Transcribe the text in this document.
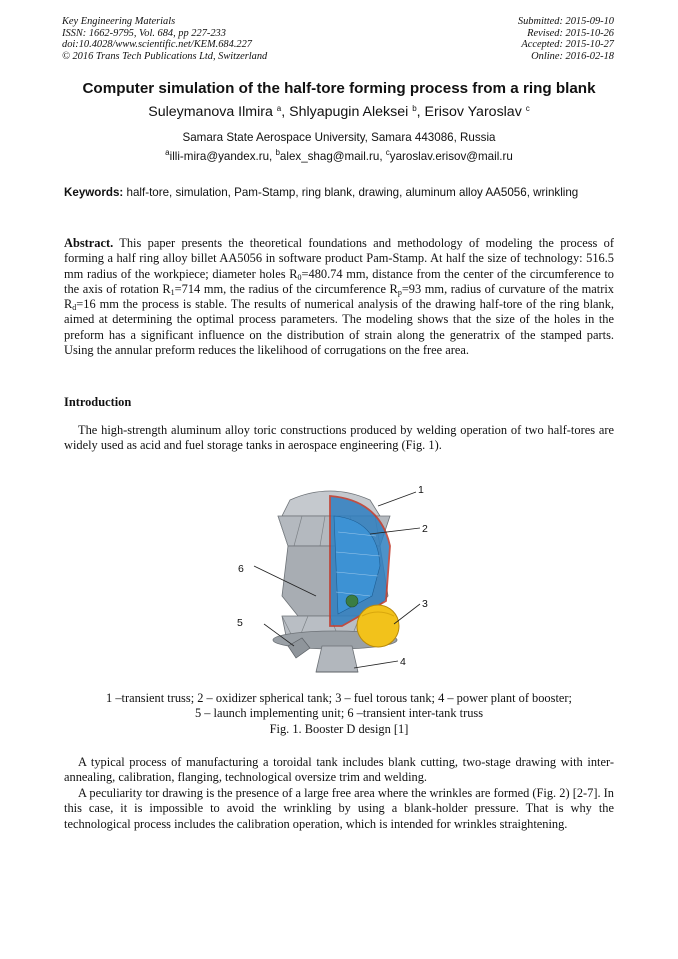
Key Engineering Materials
ISSN: 1662-9795, Vol. 684, pp 227-233
doi:10.4028/www.scientific.net/KEM.684.227
© 2016 Trans Tech Publications Ltd, Switzerland
Submitted: 2015-09-10
Revised: 2015-10-26
Accepted: 2015-10-27
Online: 2016-02-18
Computer simulation of the half-tore forming process from a ring blank
Suleymanova Ilmira $^a$, Shlyapugin Aleksei $^b$, Erisov Yaroslav $^c$
Samara State Aerospace University, Samara 443086, Russia
$^a$illi-mira@yandex.ru, $^b$alex_shag@mail.ru, $^c$yaroslav.erisov@mail.ru
Keywords: half-tore, simulation, Pam-Stamp, ring blank, drawing, aluminum alloy AA5056, wrinkling
Abstract. This paper presents the theoretical foundations and methodology of modeling the process of forming a half ring alloy billet AA5056 in software product Pam-Stamp. At half the size of technology: 516.5 mm radius of the workpiece; diameter holes $R_0=480.74$ mm, distance from the center of the circumference to the axis of rotation $R_1=714$ mm, the radius of the circumference $R_p=93$ mm, radius of curvature of the matrix $R_d=16$ mm the process is stable. The results of numerical analysis of the drawing half-tore of the ring blank, aimed at determining the optimal process parameters. The modeling shows that the size of the holes in the preform has a significant influence on the distribution of strain along the generatrix of the stamped parts. Using the annular preform reduces the likelihood of corrugations on the free area.
Introduction
The high-strength aluminum alloy toric constructions produced by welding operation of two half-tores are widely used as acid and fuel storage tanks in aerospace engineering (Fig. 1).
1
2
3
4
5
6
1 –transient truss; 2 – oxidizer spherical tank; 3 – fuel torous tank; 4 – power plant of booster;
5 – launch implementing unit; 6 –transient inter-tank truss
Fig. 1. Booster D design [1]
A typical process of manufacturing a toroidal tank includes blank cutting, two-stage drawing with inter-annealing, calibration, flanging, technological oversize trim and welding.
A peculiarity tor drawing is the presence of a large free area where the wrinkles are formed (Fig. 2) [2-7]. In this case, it is impossible to avoid the wrinkling by using a blank-holder pressure. That is why the technological process includes the calibration operation, which is intended for wrinkles straightening.
